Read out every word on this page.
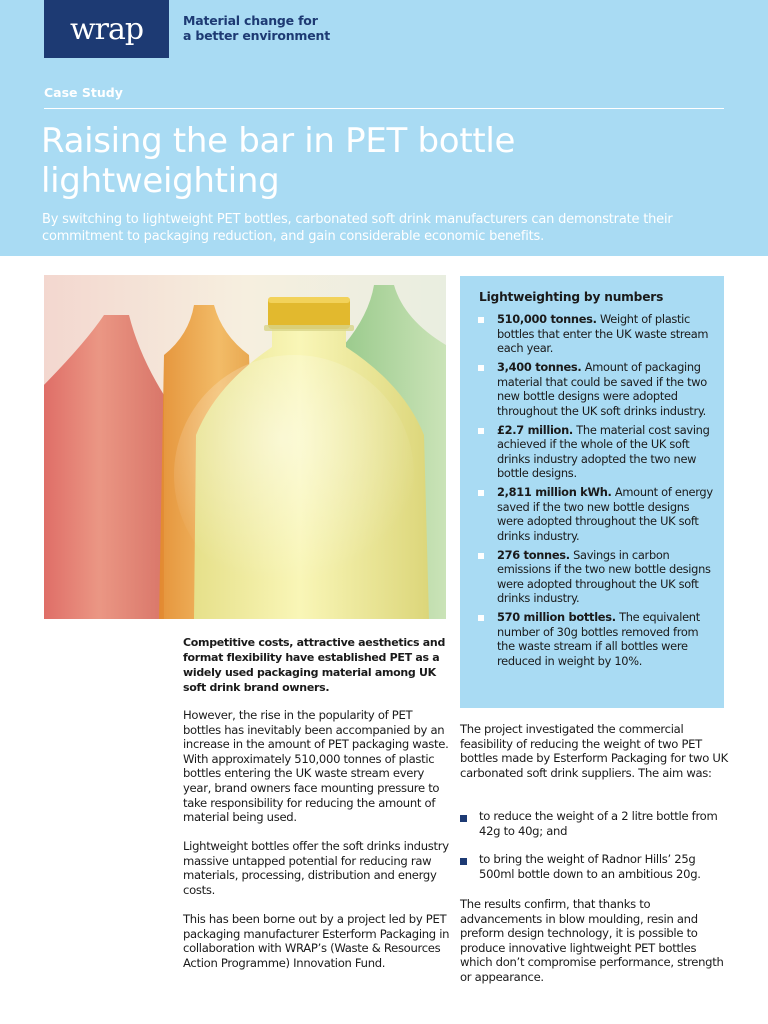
wrap	Material change for
a better environment
Case Study
Raising the bar in PET bottle lightweighting

By switching to lightweight PET bottles, carbonated soft drink manufacturers can demonstrate their commitment to packaging reduction, and gain considerable economic benefits.

Competitive costs, attractive aesthetics and format flexibility have established PET as a widely used packaging material among UK soft drink brand owners.

However, the rise in the popularity of PET bottles has inevitably been accompanied by an increase in the amount of PET packaging waste. With approximately 510,000 tonnes of plastic bottles entering the UK waste stream every year, brand owners face mounting pressure to take responsibility for reducing the amount of material being used.

Lightweight bottles offer the soft drinks industry massive untapped potential for reducing raw materials, processing, distribution and energy costs.

This has been borne out by a project led by PET packaging manufacturer Esterform Packaging in collaboration with WRAP’s (Waste & Resources Action Programme) Innovation Fund.

Lightweighting by numbers
510,000 tonnes. Weight of plastic bottles that enter the UK waste stream each year.
3,400 tonnes. Amount of packaging material that could be saved if the two new bottle designs were adopted throughout the UK soft drinks industry.
£2.7 million. The material cost saving achieved if the whole of the UK soft drinks industry adopted the two new bottle designs.
2,811 million kWh. Amount of energy saved if the two new bottle designs were adopted throughout the UK soft drinks industry.
276 tonnes. Savings in carbon emissions if the two new bottle designs were adopted throughout the UK soft drinks industry.
570 million bottles. The equivalent number of 30g bottles removed from the waste stream if all bottles were reduced in weight by 10%.

The project investigated the commercial feasibility of reducing the weight of two PET bottles made by Esterform Packaging for two UK carbonated soft drink suppliers. The aim was:

to reduce the weight of a 2 litre bottle from 42g to 40g; and
to bring the weight of Radnor Hills’ 25g 500ml bottle down to an ambitious 20g.

The results confirm, that thanks to advancements in blow moulding, resin and preform design technology, it is possible to produce innovative lightweight PET bottles which don’t compromise performance, strength or appearance.
